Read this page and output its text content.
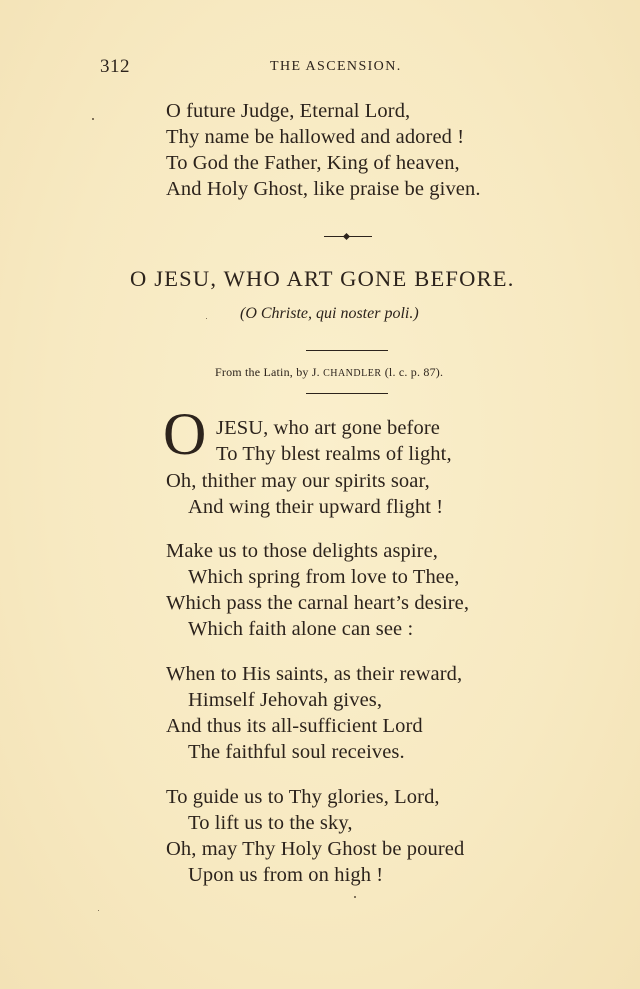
312	THE ASCENSION.
O future Judge, Eternal Lord,
Thy name be hallowed and adored !
To God the Father, King of heaven,
And Holy Ghost, like praise be given.
O JESU, WHO ART GONE BEFORE.
(O Christe, qui noster poli.)
From the Latin, by J. CHANDLER (l. c. p. 87).
O JESU, who art gone before
To Thy blest realms of light,
Oh, thither may our spirits soar,
And wing their upward flight !
Make us to those delights aspire,
Which spring from love to Thee,
Which pass the carnal heart’s desire,
Which faith alone can see :
When to His saints, as their reward,
Himself Jehovah gives,
And thus its all-sufficient Lord
The faithful soul receives.
To guide us to Thy glories, Lord,
To lift us to the sky,
Oh, may Thy Holy Ghost be poured
Upon us from on high !
